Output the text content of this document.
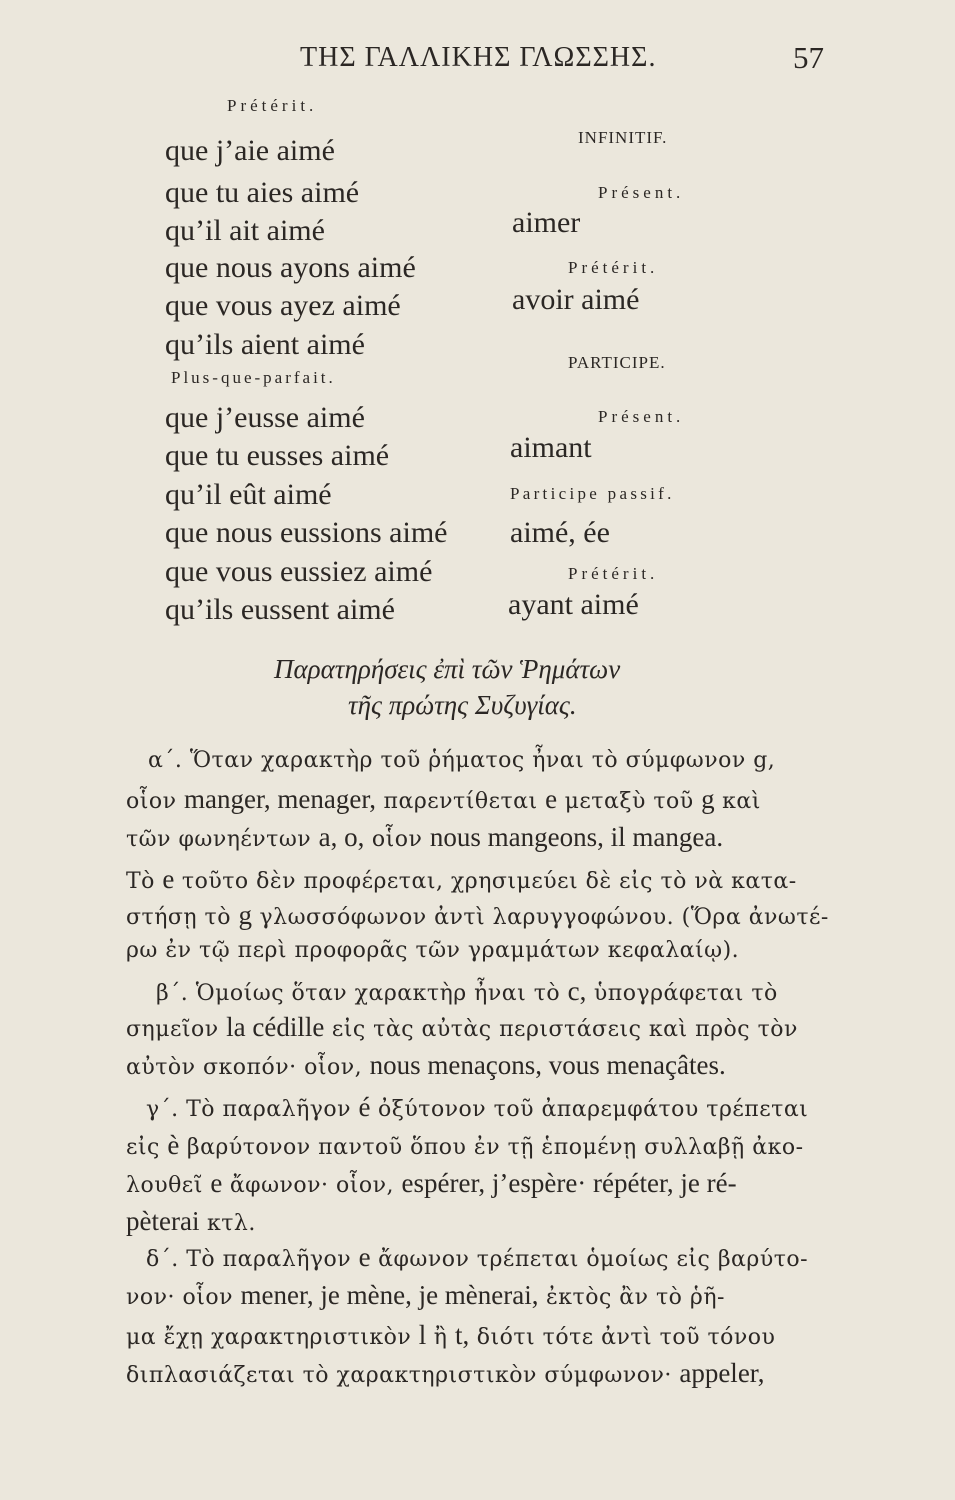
ΤΗΣ ΓΑΛΛΙΚΗΣ ΓΛΩΣΣΗΣ.	57
Prétérit.
que j’aie aimé
que tu aies aimé
qu’il ait aimé
que nous ayons aimé
que vous ayez aimé
qu’ils aient aimé
Plus-que-parfait.
que j’eusse aimé
que tu eusses aimé
qu’il eût aimé
que nous eussions aimé
que vous eussiez aimé
qu’ils eussent aimé
INFINITIF.
Présent.
aimer
Prétérit.
avoir aimé
PARTICIPE.
Présent.
aimant
Participe passif.
aimé, ée
Prétérit.
ayant aimé
Παρατηρήσεις ἐπὶ τῶν Ῥημάτων
τῆς πρώτης Συζυγίας.
α΄. Ὅταν χαρακτὴρ τοῦ ῥήματος ἦναι τὸ σύμφωνον g,
οἷον manger, menager, παρεντίθεται e μεταξὺ τοῦ g καὶ
τῶν φωνηέντων a, o, οἷον nous mangeons, il mangea.
Τὸ e τοῦτο δὲν προφέρεται, χρησιμεύει δὲ εἰς τὸ νὰ κατα-
στήσῃ τὸ g γλωσσόφωνον ἀντὶ λαρυγγοφώνου. (Ὅρα ἀνωτέ-
ρω ἐν τῷ περὶ προφορᾶς τῶν γραμμάτων κεφαλαίῳ).
β΄. Ὁμοίως ὅταν χαρακτὴρ ἦναι τὸ c, ὑπογράφεται τὸ
σημεῖον la cédille εἰς τὰς αὐτὰς περιστάσεις καὶ πρὸς τὸν
αὐτὸν σκοπόν· οἷον, nous menaçons, vous menaçâtes.
γ΄. Τὸ παραλῆγον é ὀξύτονον τοῦ ἀπαρεμφάτου τρέπεται
εἰς è βαρύτονον παντοῦ ὅπου ἐν τῇ ἑπομένῃ συλλαβῇ ἀκο-
λουθεῖ e ἄφωνον· οἷον, espérer, j’espère· répéter, je ré-
pèterai κτλ.
δ΄. Τὸ παραλῆγον e ἄφωνον τρέπεται ὁμοίως εἰς βαρύτο-
νον· οἷον mener, je mène, je mènerai, ἐκτὸς ἂν τὸ ῥῆ-
μα ἔχῃ χαρακτηριστικὸν l ἢ t, διότι τότε ἀντὶ τοῦ τόνου
διπλασιάζεται τὸ χαρακτηριστικὸν σύμφωνον· appeler,
